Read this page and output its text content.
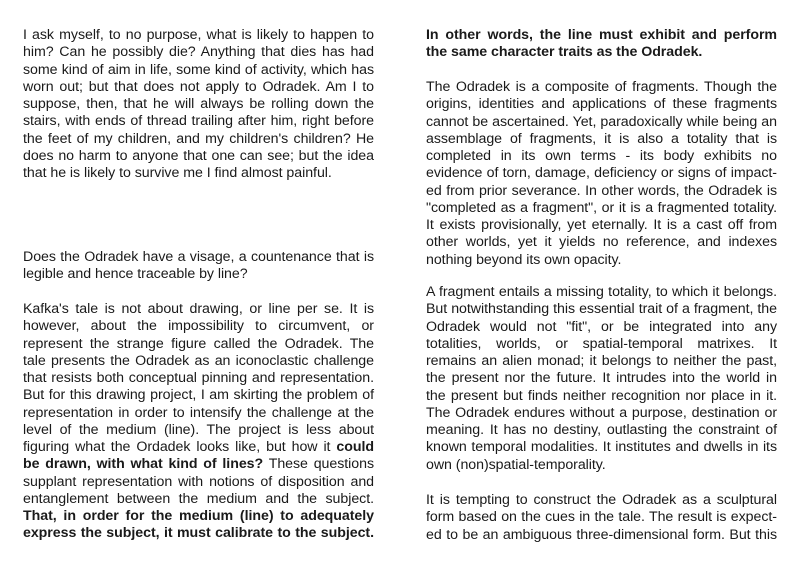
I ask myself, to no purpose, what is likely to happen to him? Can he possibly die? Anything that dies has had some kind of aim in life, some kind of activity, which has worn out; but that does not apply to Odradek. Am I to suppose, then, that he will always be rolling down the stairs, with ends of thread trailing after him, right before the feet of my children, and my children's children? He does no harm to anyone that one can see; but the idea that he is likely to survive me I find almost painful.

Does the Odradek have a visage, a countenance that is legible and hence traceable by line?

Kafka's tale is not about drawing, or line per se. It is however, about the impossibility to circumvent, or represent the strange figure called the Odradek. The tale presents the Odradek as an iconoclastic challenge that resists both conceptual pinning and representation. But for this drawing project, I am skirting the problem of representation in order to intensify the challenge at the level of the medium (line). The project is less about figuring what the Ordadek looks like, but how it could be drawn, with what kind of lines? These questions supplant representation with notions of disposition and entanglement between the medium and the subject. That, in order for the medium (line) to adequately express the subject, it must calibrate to the subject.

In other words, the line must exhibit and perform the same character traits as the Odradek.

The Odradek is a composite of fragments. Though the origins, identities and applications of these fragments cannot be ascertained. Yet, paradoxically while being an assemblage of fragments, it is also a totality that is completed in its own terms - its body exhibits no evidence of torn, damage, deficiency or signs of impacted from prior severance. In other words, the Odradek is "completed as a fragment", or it is a fragmented totality. It exists provisionally, yet eternally. It is a cast off from other worlds, yet it yields no reference, and indexes nothing beyond its own opacity.

A fragment entails a missing totality, to which it belongs. But notwithstanding this essential trait of a fragment, the Odradek would not "fit", or be integrated into any totalities, worlds, or spatial-temporal matrixes. It remains an alien monad; it belongs to neither the past, the present nor the future. It intrudes into the world in the present but finds neither recognition nor place in it. The Odradek endures without a purpose, destination or meaning. It has no destiny, outlasting the constraint of known temporal modalities. It institutes and dwells in its own (non)spatial-temporality.

It is tempting to construct the Odradek as a sculptural form based on the cues in the tale. The result is expected to be an ambiguous three-dimensional form. But this
